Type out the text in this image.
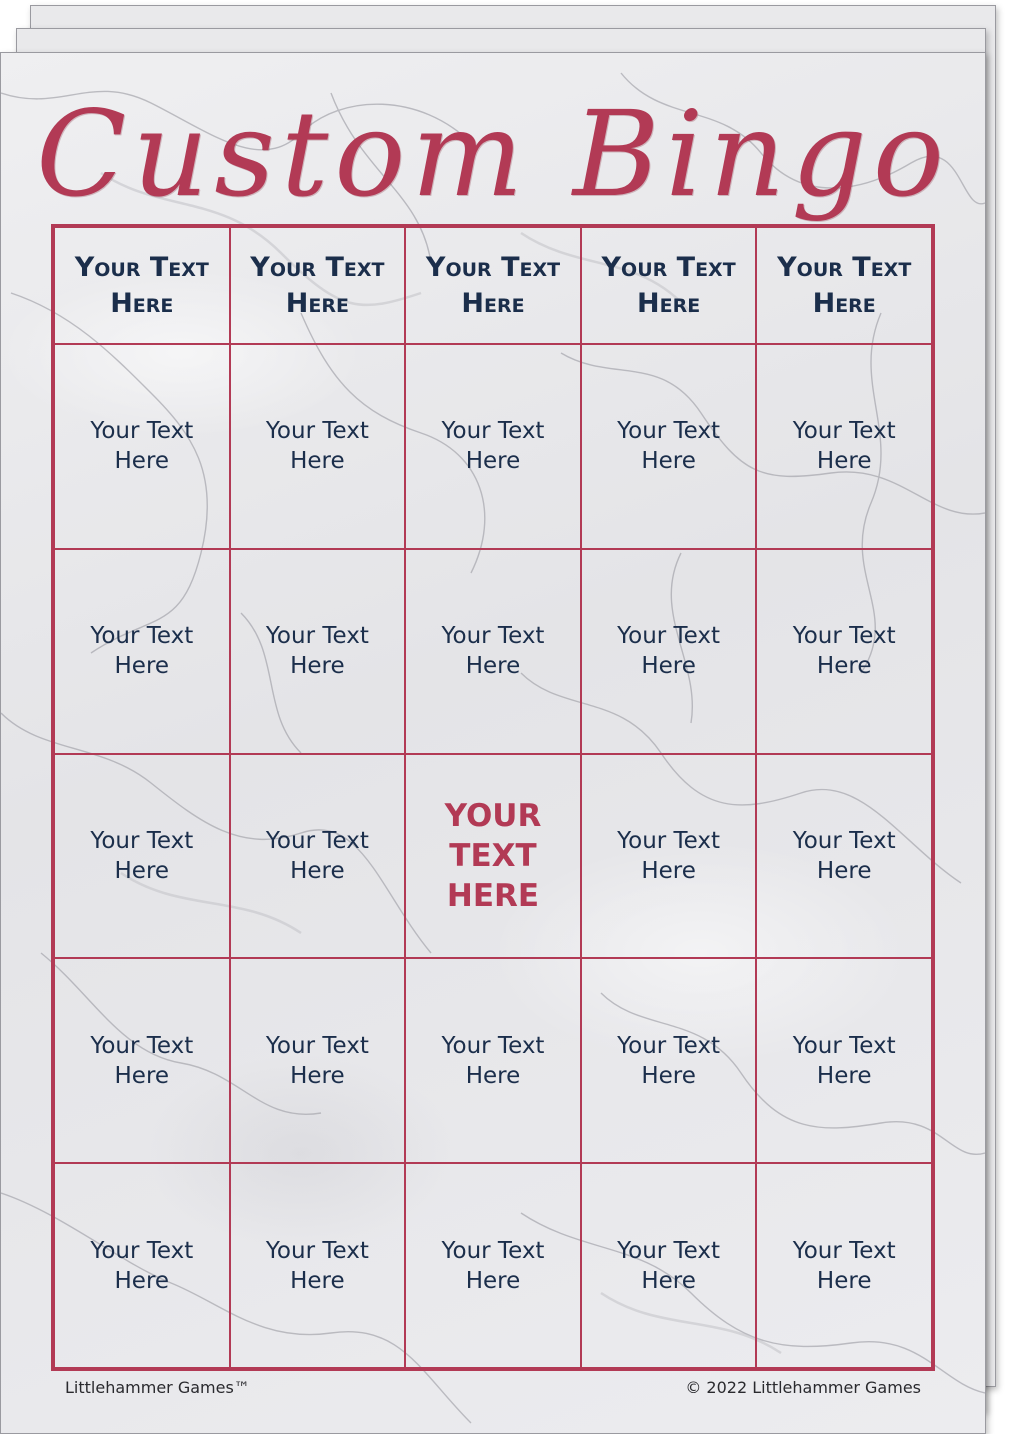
Custom Bingo
Your Text Here
Your Text Here
Your Text Here
Your Text Here
Your Text Here
Your Text Here
Your Text Here
Your Text Here
Your Text Here
Your Text Here
Your Text Here
Your Text Here
Your Text Here
Your Text Here
Your Text Here
Your Text Here
Your Text Here
YOUR TEXT HERE
Your Text Here
Your Text Here
Your Text Here
Your Text Here
Your Text Here
Your Text Here
Your Text Here
Your Text Here
Your Text Here
Your Text Here
Your Text Here
Your Text Here
Littlehammer Games™	© 2022 Littlehammer Games
